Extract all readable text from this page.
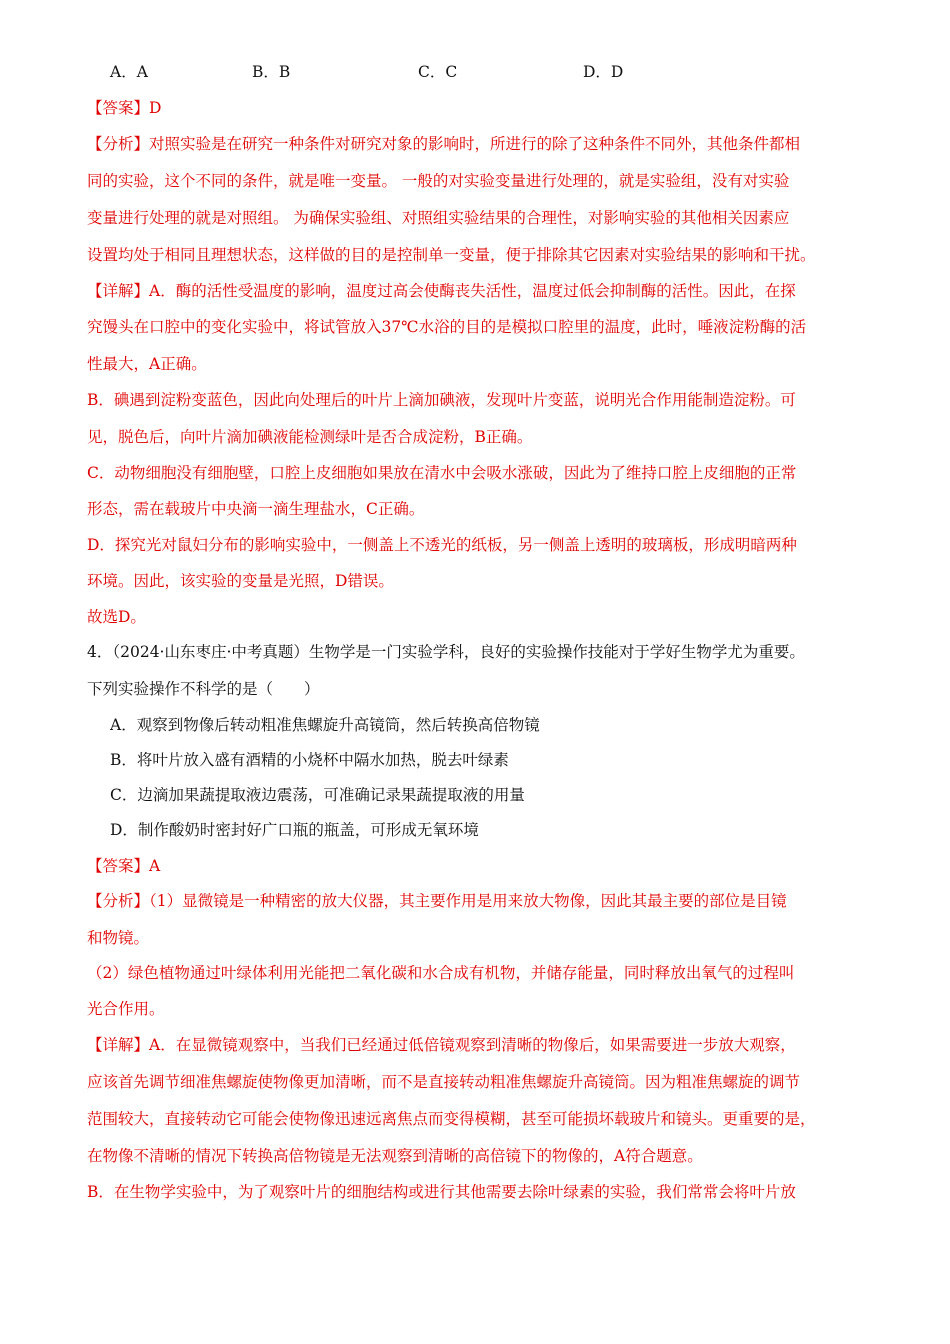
A．A	B．B	C．C	D．D
【答案】D
【分析】对照实验是在研究一种条件对研究对象的影响时，所进行的除了这种条件不同外，其他条件都相
同的实验，这个不同的条件，就是唯一变量。 一般的对实验变量进行处理的，就是实验组，没有对实验
变量进行处理的就是对照组。 为确保实验组、对照组实验结果的合理性，对影响实验的其他相关因素应
设置均处于相同且理想状态，这样做的目的是控制单一变量，便于排除其它因素对实验结果的影响和干扰。
【详解】A．酶的活性受温度的影响，温度过高会使酶丧失活性，温度过低会抑制酶的活性。因此，在探
究馒头在口腔中的变化实验中，将试管放入37℃水浴的目的是模拟口腔里的温度，此时，唾液淀粉酶的活
性最大，A正确。
B．碘遇到淀粉变蓝色，因此向处理后的叶片上滴加碘液，发现叶片变蓝，说明光合作用能制造淀粉。可
见，脱色后，向叶片滴加碘液能检测绿叶是否合成淀粉，B正确。
C．动物细胞没有细胞壁，口腔上皮细胞如果放在清水中会吸水涨破，因此为了维持口腔上皮细胞的正常
形态，需在载玻片中央滴一滴生理盐水，C正确。
D．探究光对鼠妇分布的影响实验中，一侧盖上不透光的纸板，另一侧盖上透明的玻璃板，形成明暗两种
环境。因此，该实验的变量是光照，D错误。
故选D。
4．（2024·山东枣庄·中考真题）生物学是一门实验学科，良好的实验操作技能对于学好生物学尤为重要。
下列实验操作不科学的是（　　）
A．观察到物像后转动粗准焦螺旋升高镜筒，然后转换高倍物镜
B．将叶片放入盛有酒精的小烧杯中隔水加热，脱去叶绿素
C．边滴加果蔬提取液边震荡，可准确记录果蔬提取液的用量
D．制作酸奶时密封好广口瓶的瓶盖，可形成无氧环境
【答案】A
【分析】（1）显微镜是一种精密的放大仪器，其主要作用是用来放大物像，因此其最主要的部位是目镜
和物镜。
（2）绿色植物通过叶绿体利用光能把二氧化碳和水合成有机物，并储存能量，同时释放出氧气的过程叫
光合作用。
【详解】A．在显微镜观察中，当我们已经通过低倍镜观察到清晰的物像后，如果需要进一步放大观察，
应该首先调节细准焦螺旋使物像更加清晰，而不是直接转动粗准焦螺旋升高镜筒。因为粗准焦螺旋的调节
范围较大，直接转动它可能会使物像迅速远离焦点而变得模糊，甚至可能损坏载玻片和镜头。更重要的是，
在物像不清晰的情况下转换高倍物镜是无法观察到清晰的高倍镜下的物像的，A符合题意。
B．在生物学实验中，为了观察叶片的细胞结构或进行其他需要去除叶绿素的实验，我们常常会将叶片放
